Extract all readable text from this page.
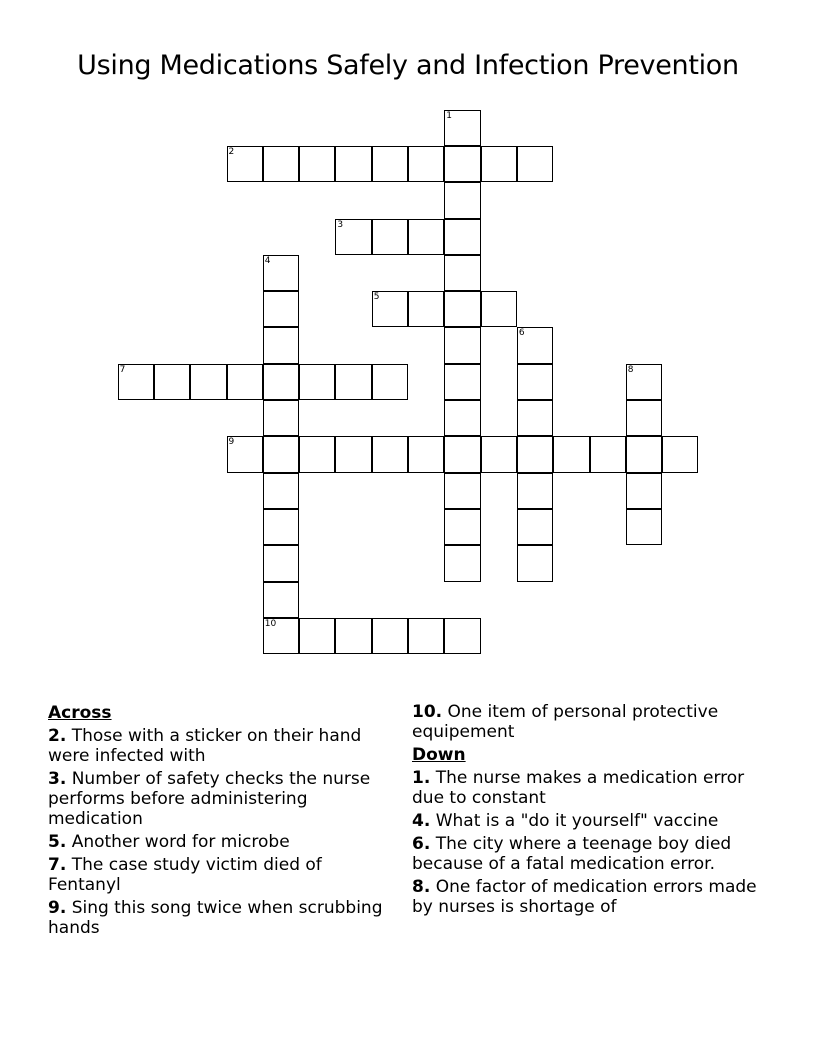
Using Medications Safely and Infection Prevention
1
2
3
4
10
5
6
7	8
9
Across
2. Those with a sticker on their hand were infected with
3. Number of safety checks the nurse performs before administering medication
5. Another word for microbe
7. The case study victim died of Fentanyl
9. Sing this song twice when scrubbing hands
10. One item of personal protective equipement
Down
1. The nurse makes a medication error due to constant
4. What is a "do it yourself" vaccine
6. The city where a teenage boy died because of a fatal medication error.
8. One factor of medication errors made by nurses is shortage of
